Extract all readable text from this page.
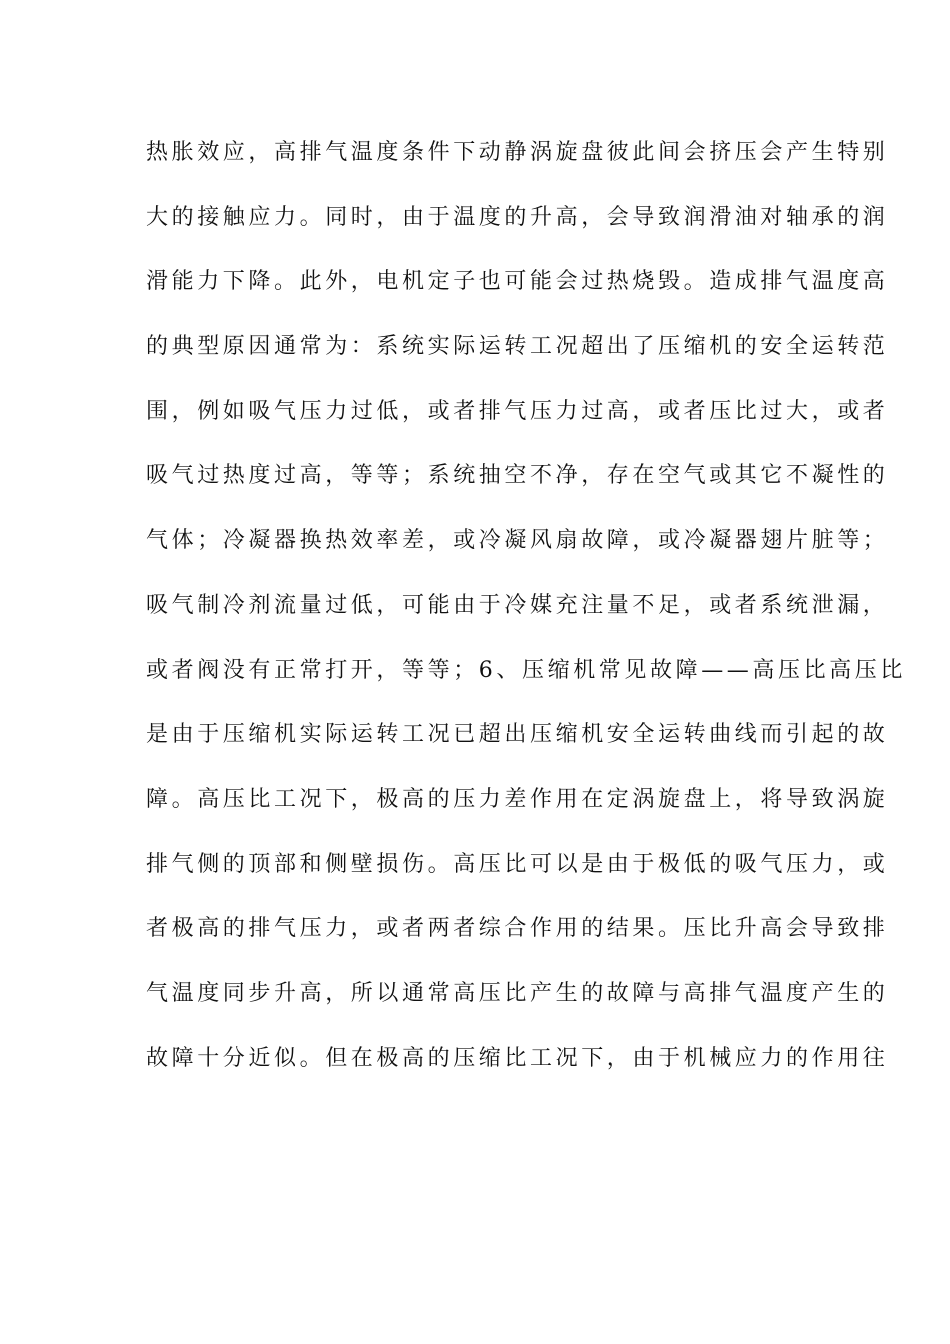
热胀效应，高排气温度条件下动静涡旋盘彼此间会挤压会产生特别
大的接触应力。同时，由于温度的升高，会导致润滑油对轴承的润
滑能力下降。此外，电机定子也可能会过热烧毁。造成排气温度高
的典型原因通常为：系统实际运转工况超出了压缩机的安全运转范
围，例如吸气压力过低，或者排气压力过高，或者压比过大，或者
吸气过热度过高，等等；系统抽空不净，存在空气或其它不凝性的
气体；冷凝器换热效率差，或冷凝风扇故障，或冷凝器翅片脏等；
吸气制冷剂流量过低，可能由于冷媒充注量不足，或者系统泄漏，
或者阀没有正常打开，等等；6、压缩机常见故障——高压比高压比
是由于压缩机实际运转工况已超出压缩机安全运转曲线而引起的故
障。高压比工况下，极高的压力差作用在定涡旋盘上，将导致涡旋
排气侧的顶部和侧壁损伤。高压比可以是由于极低的吸气压力，或
者极高的排气压力，或者两者综合作用的结果。压比升高会导致排
气温度同步升高，所以通常高压比产生的故障与高排气温度产生的
故障十分近似。但在极高的压缩比工况下，由于机械应力的作用往
